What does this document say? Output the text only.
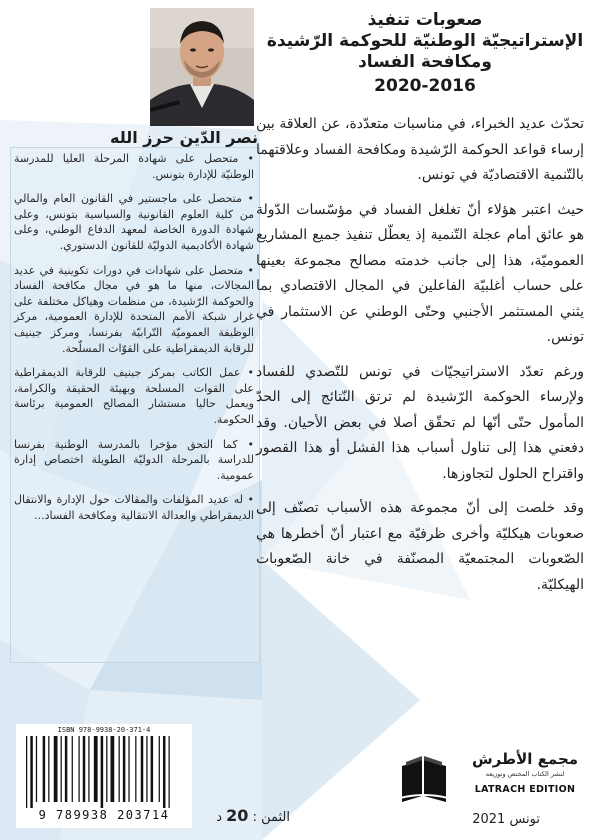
صعوبات تنفيذ
الإستراتيجيّة الوطنيّة للحوكمة الرّشيدة
ومكافحة الفساد
2020-2016

تحدّث عديد الخبراء، في مناسبات متعدّدة، عن العلاقة بين إرساء قواعد الحوكمة الرّشيدة ومكافحة الفساد وعلاقتهما بالتّنمية الاقتصاديّة في تونس.

حيث اعتبر هؤلاء أنّ تغلغل الفساد في مؤسّسات الدّولة هو عائق أمام عجلة التّنمية إذ يعطّل تنفيذ جميع المشاريع العموميّة، هذا إلى جانب خدمته مصالح مجموعة بعينها على حساب أغلبيّة الفاعلين في المجال الاقتصادي بما يثني المستثمر الأجنبي وحتّى الوطني عن الاستثمار في تونس.

ورغم تعدّد الاستراتيجيّات في تونس للتّصدي للفساد ولإرساء الحوكمة الرّشيدة لم ترتق النّتائج إلى الحدّ المأمول حتّى أنّها لم تحقّق أصلا في بعض الأحيان. وقد دفعني هذا إلى تناول أسباب هذا الفشل أو هذا القصور واقتراح الحلول لتجاوزها.

وقد خلصت إلى أنّ مجموعة هذه الأسباب تصنّف إلى صعوبات هيكليّة وأخرى ظرفيّة مع اعتبار أنّ أخطرها هي الصّعوبات المجتمعيّة المصنّفة في خانة الصّعوبات الهيكليّة.

نصر الدّين حرز الله
• متحصل على شهادة المرحلة العليا للمدرسة الوطنيّة للإدارة بتونس.
• متحصل على ماجستير في القانون العام والمالي من كلية العلوم القانونية والسياسية بتونس، وعلى شهادة الدورة الخاصة لمعهد الدفاع الوطني، وعلى شهادة الأكاديمية الدوليّة للقانون الدستوري.
• متحصل على شهادات في دورات تكوينية في عديد المجالات، منها ما هو في مجال مكافحة الفساد والحوكمة الرّشيدة، من منظمات وهياكل مختلفة على غرار شبكة الأمم المتحدة للإدارة العمومية، مركز الوظيفة العموميّة التّرابيّة بفرنسا، ومركز جينيف للرقابة الديمقراطية على القوّات المسلّحة.
• عمل الكاتب بمركز جينيف للرقابة الديمقراطية على القوات المسلحة وبهيئة الحقيقة والكرامة، ويعمل حاليا مستشار المصالح العمومية برئاسة الحكومة.
• كما التحق مؤخرا بالمدرسة الوطنية بفرنسا للدراسة بالمرحلة الدوليّة الطويلة اختصاص إدارة عمومية.
• له عديد المؤلفات والمقالات حول الإدارة والانتقال الديمقراطي والعدالة الانتقالية ومكافحة الفساد...
ISBN 978-9938-20-371-4
9 789938 203714	الثمن : 20 د
مجمع الأطرش
لنشر الكتاب المختص وتوزيعه
LATRACH EDITION
تونس 2021
